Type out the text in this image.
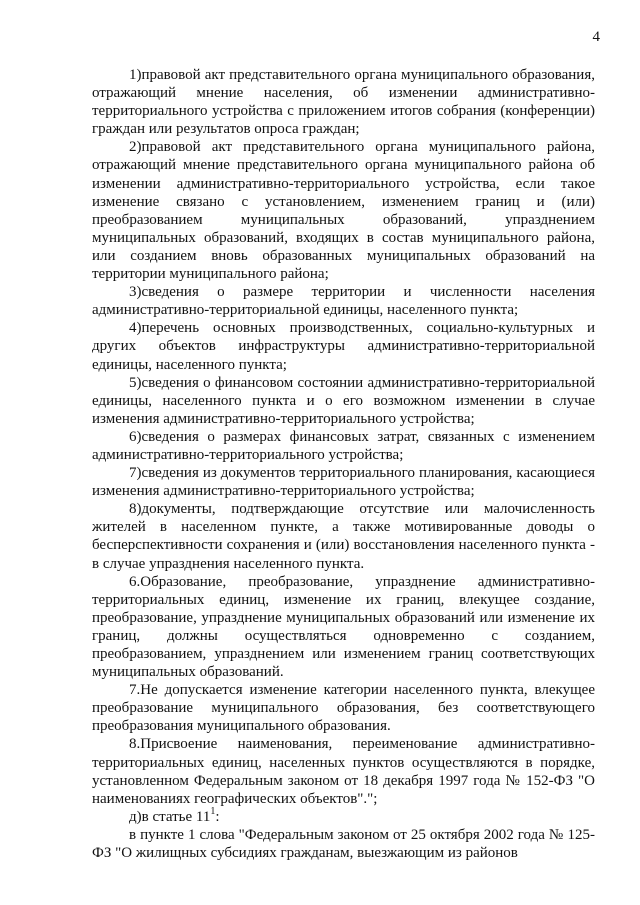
4

1)правовой акт представительного органа муниципального образования, отражающий мнение населения, об изменении административно-территориального устройства с приложением итогов собрания (конференции) граждан или результатов опроса граждан;

2)правовой акт представительного органа муниципального района, отражающий мнение представительного органа муниципального района об изменении административно-территориального устройства, если такое изменение связано с установлением, изменением границ и (или) преобразованием муниципальных образований, упразднением муниципальных образований, входящих в состав муниципального района, или созданием вновь образованных муниципальных образований на территории муниципального района;

3)сведения о размере территории и численности населения административно-территориальной единицы, населенного пункта;

4)перечень основных производственных, социально-культурных и других объектов инфраструктуры административно-территориальной единицы, населенного пункта;

5)сведения о финансовом состоянии административно-территориальной единицы, населенного пункта и о его возможном изменении в случае изменения административно-территориального устройства;

6)сведения о размерах финансовых затрат, связанных с изменением административно-территориального устройства;

7)сведения из документов территориального планирования, касающиеся изменения административно-территориального устройства;

8)документы, подтверждающие отсутствие или малочисленность жителей в населенном пункте, а также мотивированные доводы о бесперспективности сохранения и (или) восстановления населенного пункта - в случае упразднения населенного пункта.

6.Образование, преобразование, упразднение административно-территориальных единиц, изменение их границ, влекущее создание, преобразование, упразднение муниципальных образований или изменение их границ, должны осуществляться одновременно с созданием, преобразованием, упразднением или изменением границ соответствующих муниципальных образований.

7.Не допускается изменение категории населенного пункта, влекущее преобразование муниципального образования, без соответствующего преобразования муниципального образования.

8.Присвоение наименования, переименование административно-территориальных единиц, населенных пунктов осуществляются в порядке, установленном Федеральным законом от 18 декабря 1997 года № 152-ФЗ "О наименованиях географических объектов".";

д)в статье $11^1$:

в пункте 1 слова "Федеральным законом от 25 октября 2002 года № 125-ФЗ "О жилищных субсидиях гражданам, выезжающим из районов
